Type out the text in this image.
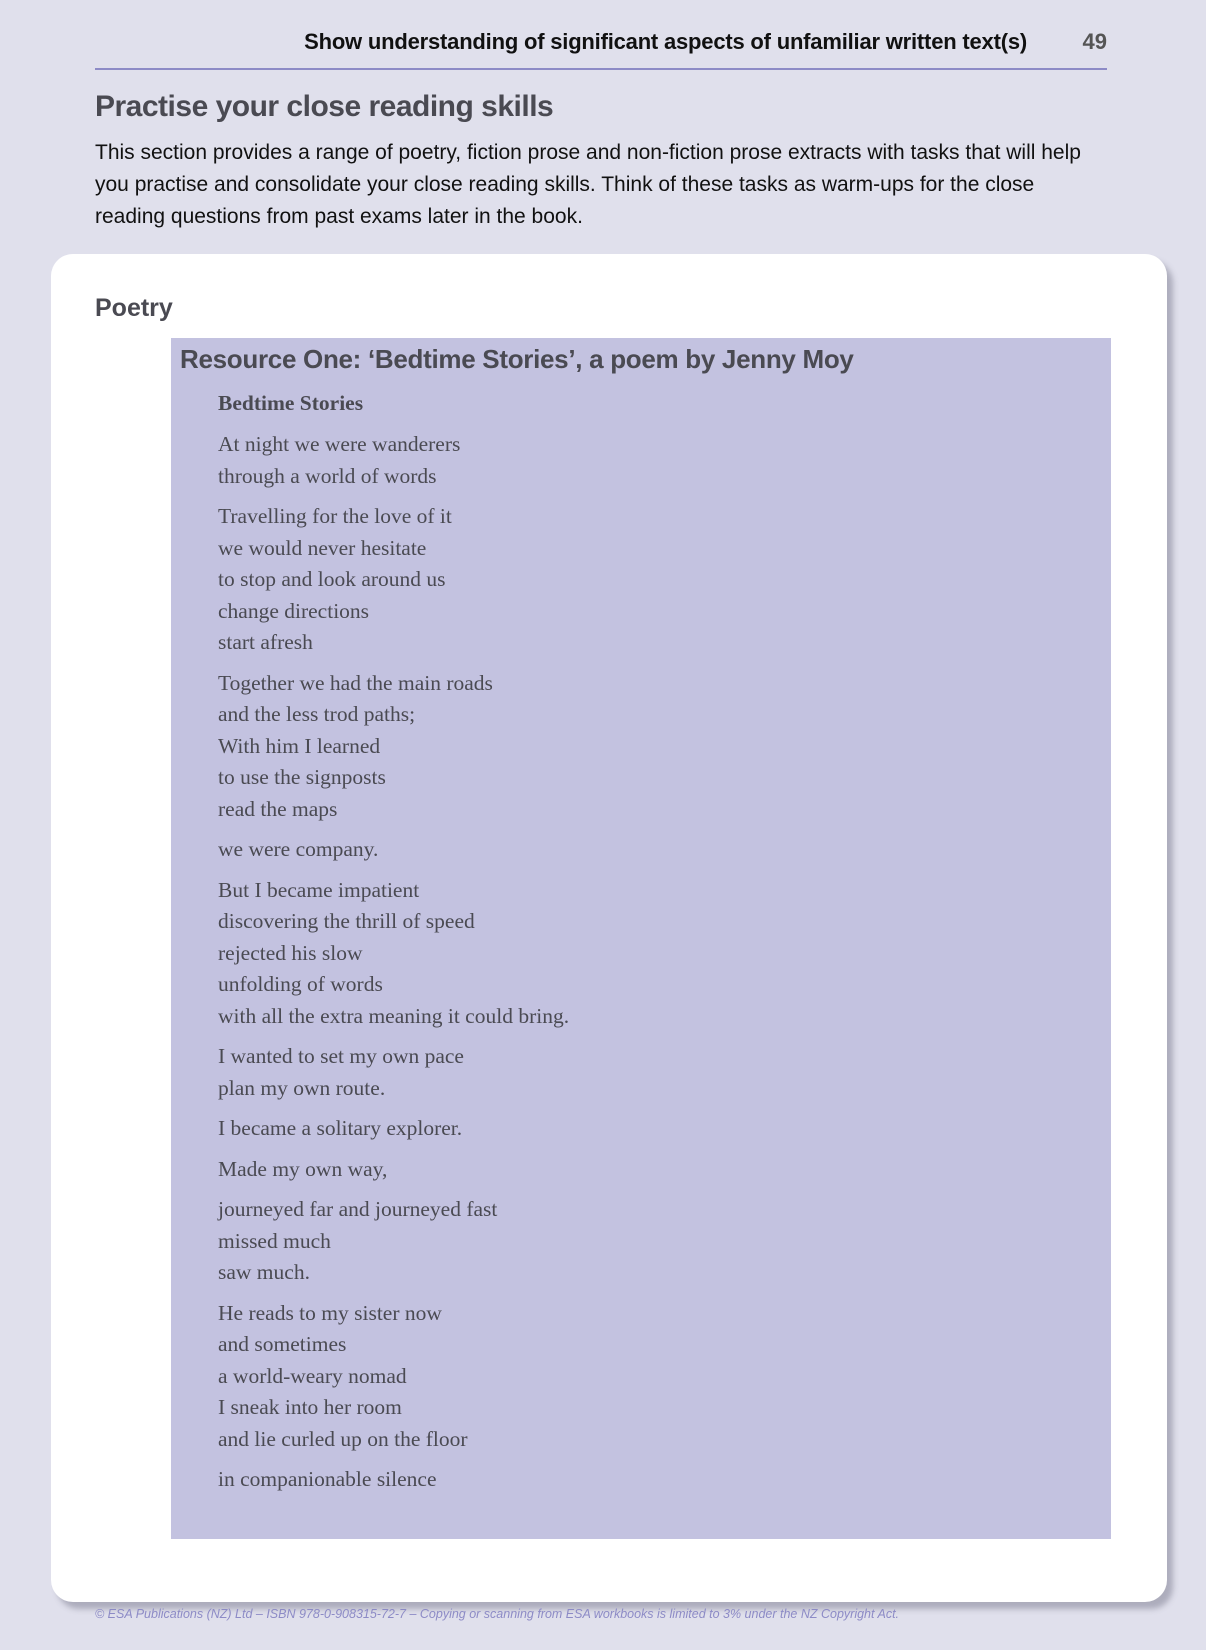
Show understanding of significant aspects of unfamiliar written text(s)	49
Practise your close reading skills

This section provides a range of poetry, fiction prose and non-fiction prose extracts with tasks that will help you practise and consolidate your close reading skills. Think of these tasks as warm-ups for the close reading questions from past exams later in the book.

Poetry
Resource One: ‘Bedtime Stories’, a poem by Jenny Moy
Bedtime Stories
At night we were wanderers
through a world of words
Travelling for the love of it
we would never hesitate
to stop and look around us
change directions
start afresh
Together we had the main roads
and the less trod paths;
With him I learned
to use the signposts
read the maps
we were company.
But I became impatient
discovering the thrill of speed
rejected his slow
unfolding of words
with all the extra meaning it could bring.
I wanted to set my own pace
plan my own route.
I became a solitary explorer.
Made my own way,
journeyed far and journeyed fast
missed much
saw much.
He reads to my sister now
and sometimes
a world-weary nomad
I sneak into her room
and lie curled up on the floor
in companionable silence
© ESA Publications (NZ) Ltd – ISBN 978-0-908315-72-7 – Copying or scanning from ESA workbooks is limited to 3% under the NZ Copyright Act.
